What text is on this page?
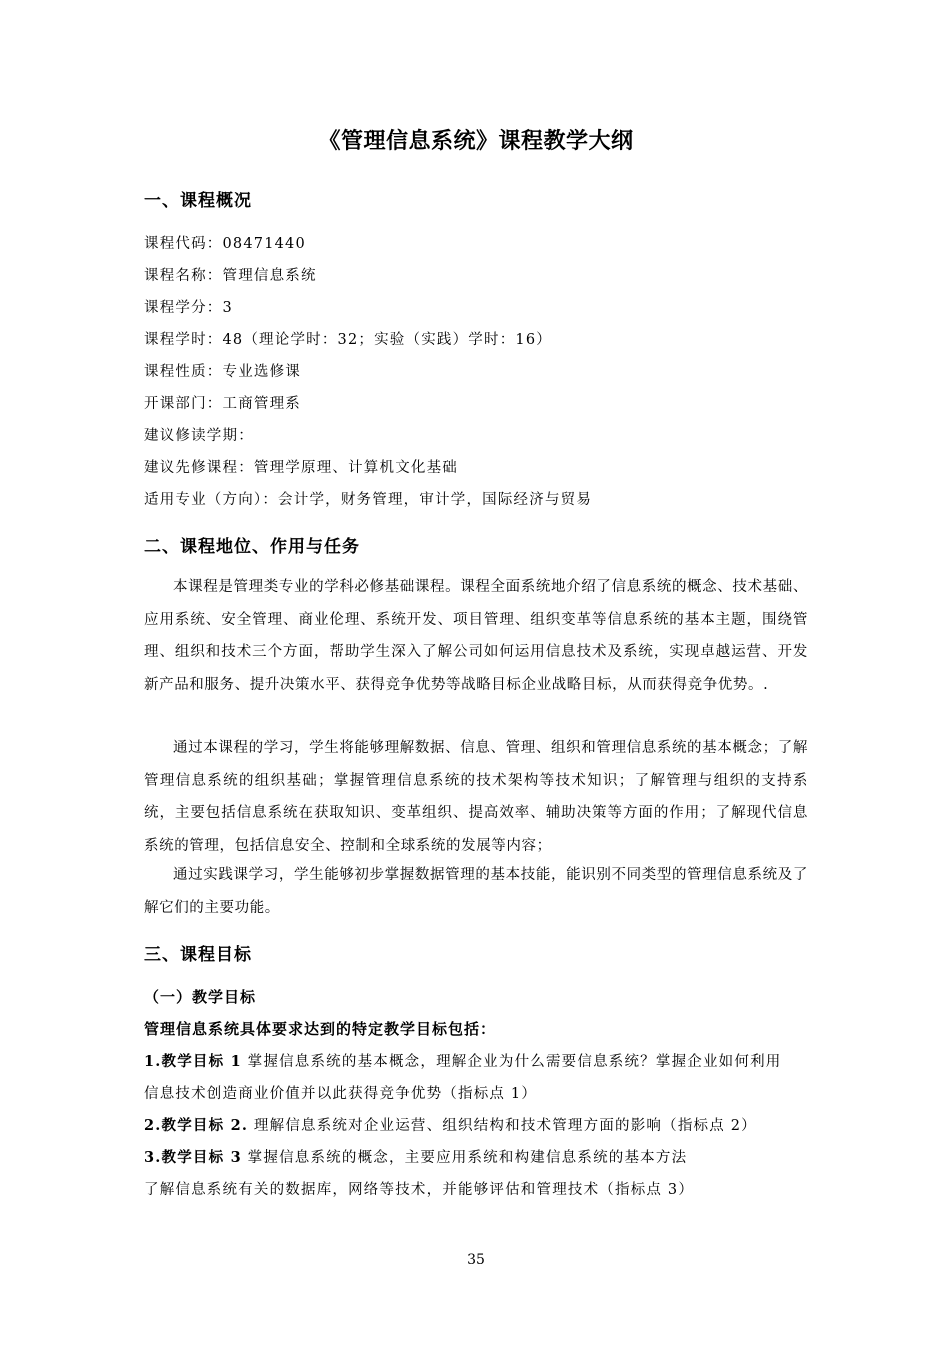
《管理信息系统》课程教学大纲
一、课程概况
课程代码：08471440
课程名称：管理信息系统
课程学分：3
课程学时：48（理论学时：32；实验（实践）学时：16）
课程性质：专业选修课
开课部门：工商管理系
建议修读学期：
建议先修课程：管理学原理、计算机文化基础
适用专业（方向）：会计学，财务管理，审计学，国际经济与贸易
二、课程地位、作用与任务
本课程是管理类专业的学科必修基础课程。课程全面系统地介绍了信息系统的概念、技术基础、应用系统、安全管理、商业伦理、系统开发、项目管理、组织变革等信息系统的基本主题，围绕管理、组织和技术三个方面，帮助学生深入了解公司如何运用信息技术及系统，实现卓越运营、开发新产品和服务、提升决策水平、获得竞争优势等战略目标企业战略目标，从而获得竞争优势。.
通过本课程的学习，学生将能够理解数据、信息、管理、组织和管理信息系统的基本概念；了解管理信息系统的组织基础；掌握管理信息系统的技术架构等技术知识；了解管理与组织的支持系统，主要包括信息系统在获取知识、变革组织、提高效率、辅助决策等方面的作用；了解现代信息系统的管理，包括信息安全、控制和全球系统的发展等内容；
通过实践课学习，学生能够初步掌握数据管理的基本技能，能识别不同类型的管理信息系统及了解它们的主要功能。
三、课程目标
（一）教学目标
管理信息系统具体要求达到的特定教学目标包括：
1.教学目标 1 掌握信息系统的基本概念，理解企业为什么需要信息系统？掌握企业如何利用
信息技术创造商业价值并以此获得竞争优势（指标点 1）
2.教学目标 2. 理解信息系统对企业运营、组织结构和技术管理方面的影响（指标点 2）
3.教学目标 3 掌握信息系统的概念，主要应用系统和构建信息系统的基本方法
了解信息系统有关的数据库，网络等技术，并能够评估和管理技术（指标点 3）
35
